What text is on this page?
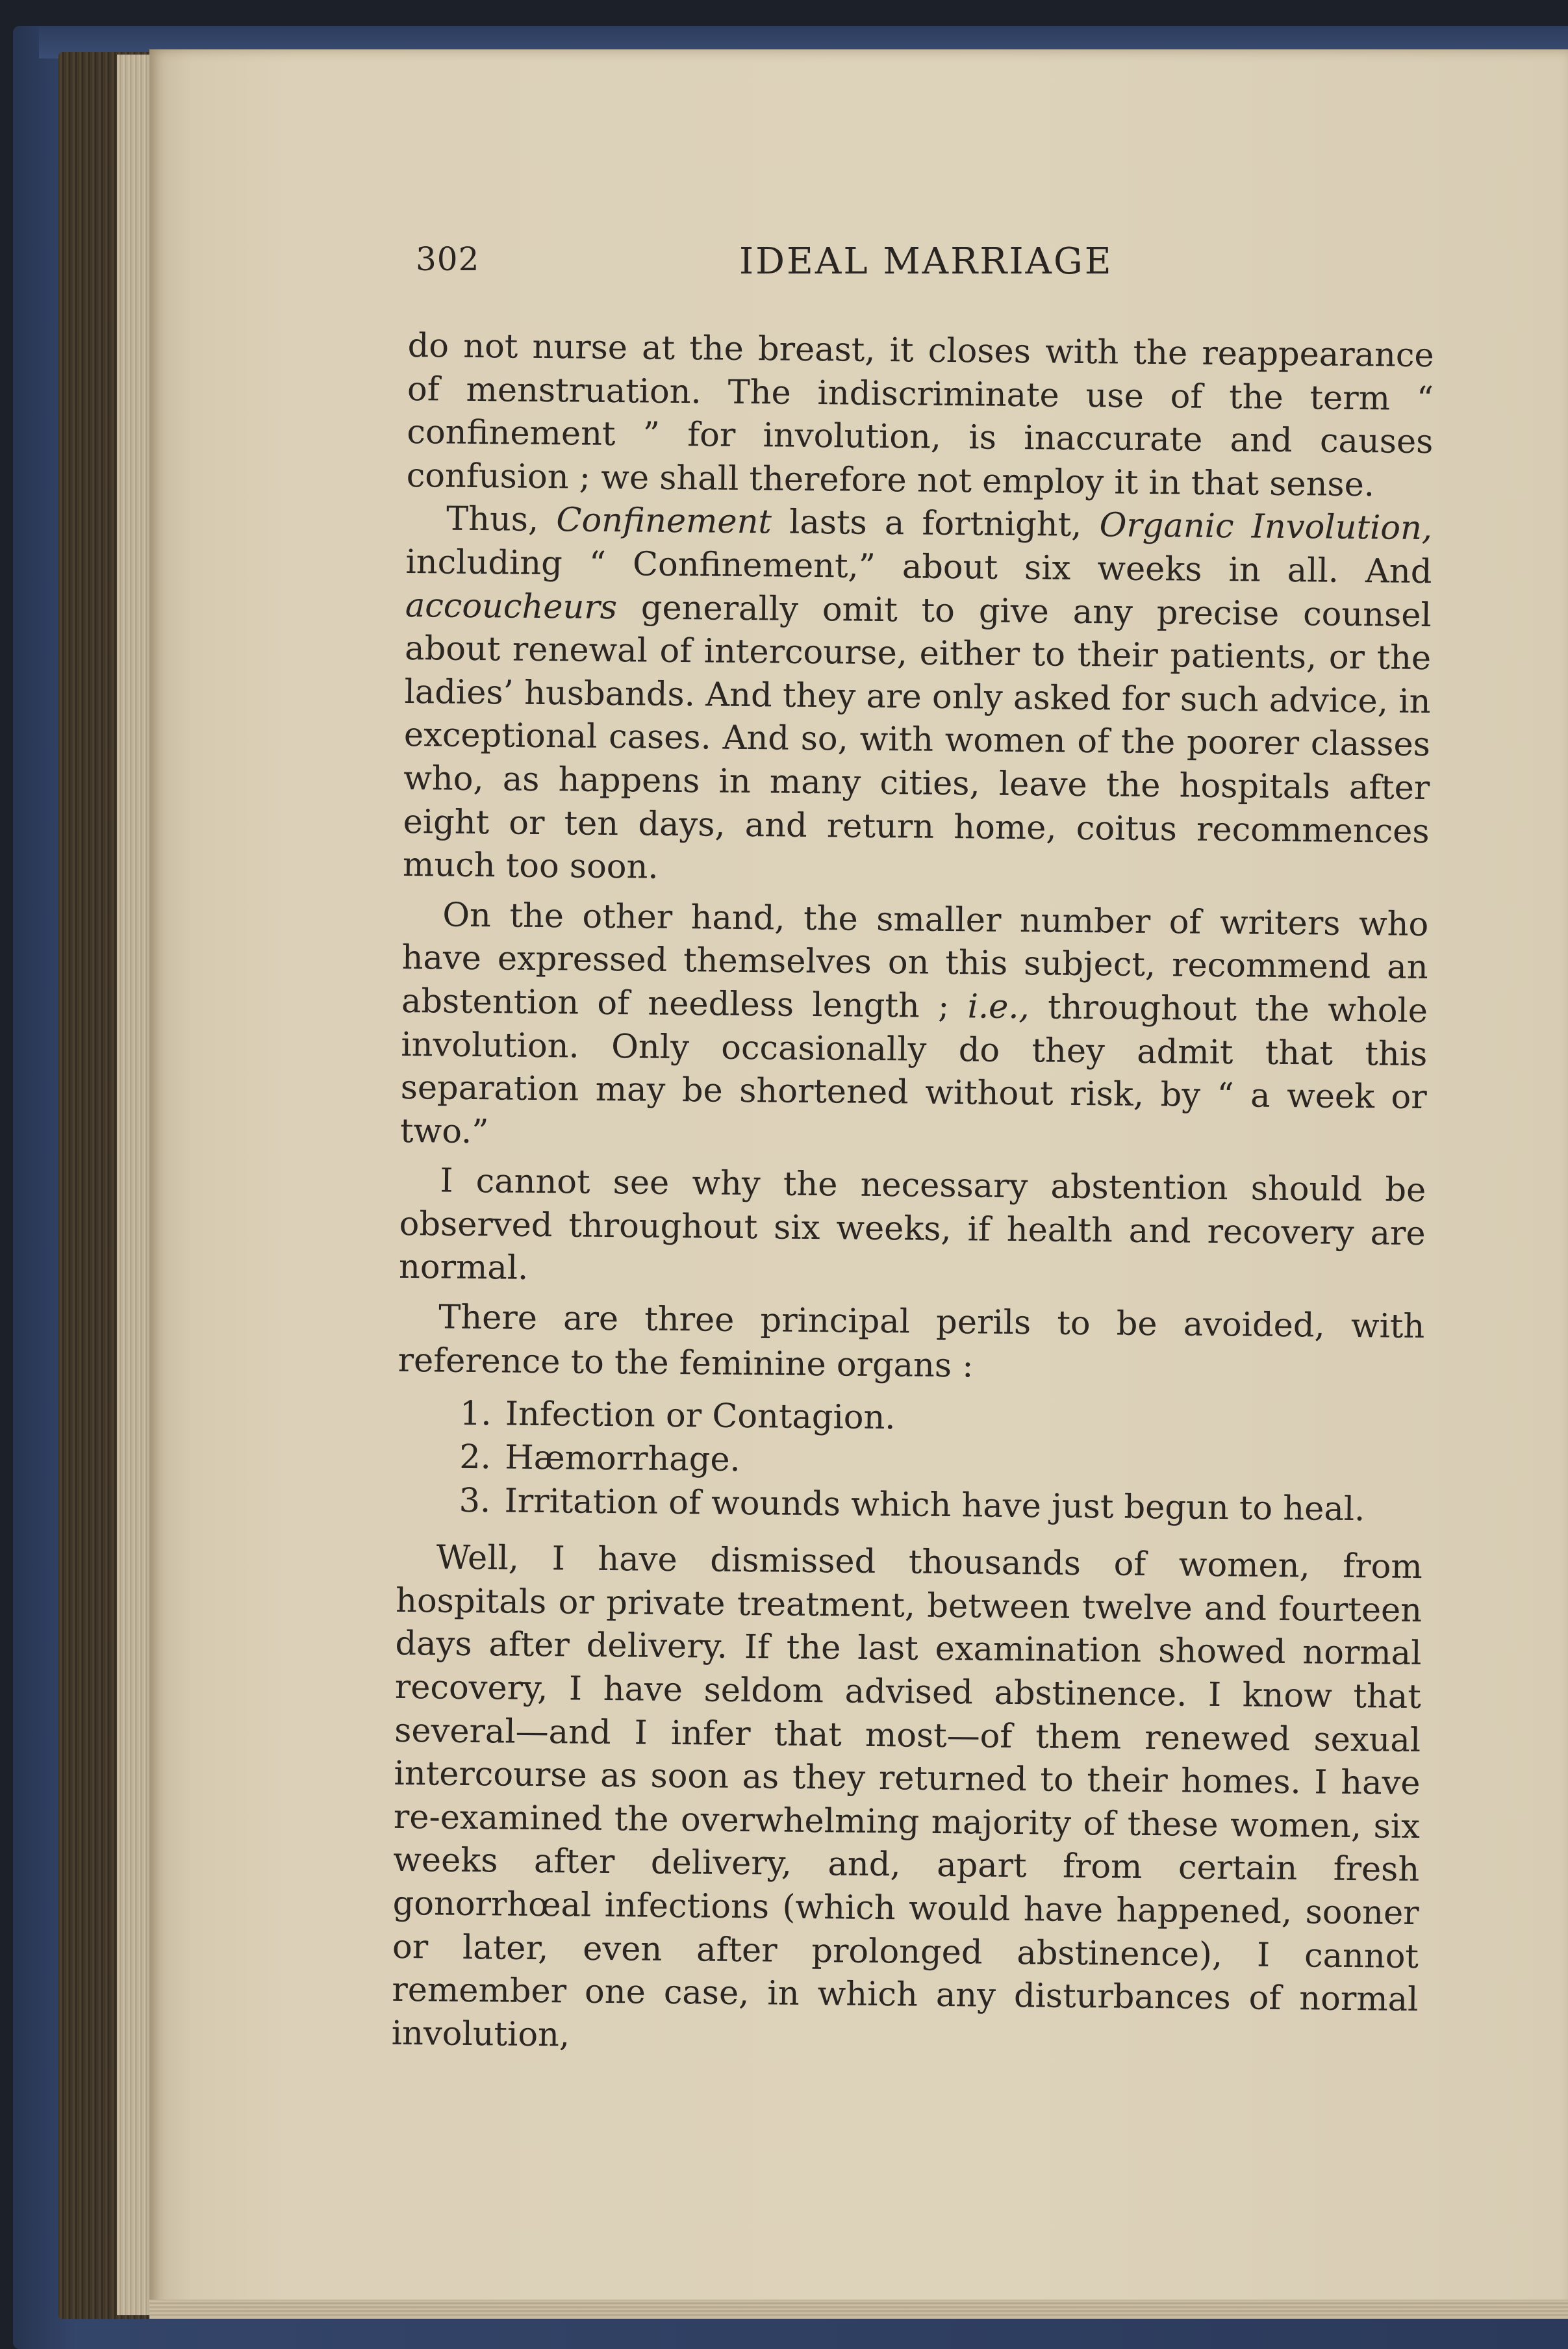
302	IDEAL MARRIAGE

do not nurse at the breast, it closes with the reappearance of menstruation. The indiscriminate use of the term “ confinement ” for involution, is inaccurate and causes confusion ; we shall therefore not employ it in that sense.

Thus, Confinement lasts a fortnight, Organic Involution, including “ Confinement,” about six weeks in all. And accoucheurs generally omit to give any precise counsel about renewal of intercourse, either to their patients, or the ladies’ husbands. And they are only asked for such advice, in exceptional cases. And so, with women of the poorer classes who, as happens in many cities, leave the hospitals after eight or ten days, and return home, coitus recommences much too soon.

On the other hand, the smaller number of writers who have expressed themselves on this subject, recommend an abstention of needless length ; i.e., throughout the whole involution. Only occasionally do they admit that this separation may be shortened without risk, by “ a week or two.”

I cannot see why the necessary abstention should be observed throughout six weeks, if health and recovery are normal.

There are three principal perils to be avoided, with reference to the feminine organs :

1. Infection or Contagion.
2. Hæmorrhage.
3. Irritation of wounds which have just begun to heal.

Well, I have dismissed thousands of women, from hospitals or private treatment, between twelve and fourteen days after delivery. If the last examination showed normal recovery, I have seldom advised abstinence. I know that several—and I infer that most—of them renewed sexual intercourse as soon as they returned to their homes. I have re-examined the overwhelming majority of these women, six weeks after delivery, and, apart from certain fresh gonorrhœal infections (which would have happened, sooner or later, even after prolonged abstinence), I cannot remember one case, in which any disturbances of normal involution,
